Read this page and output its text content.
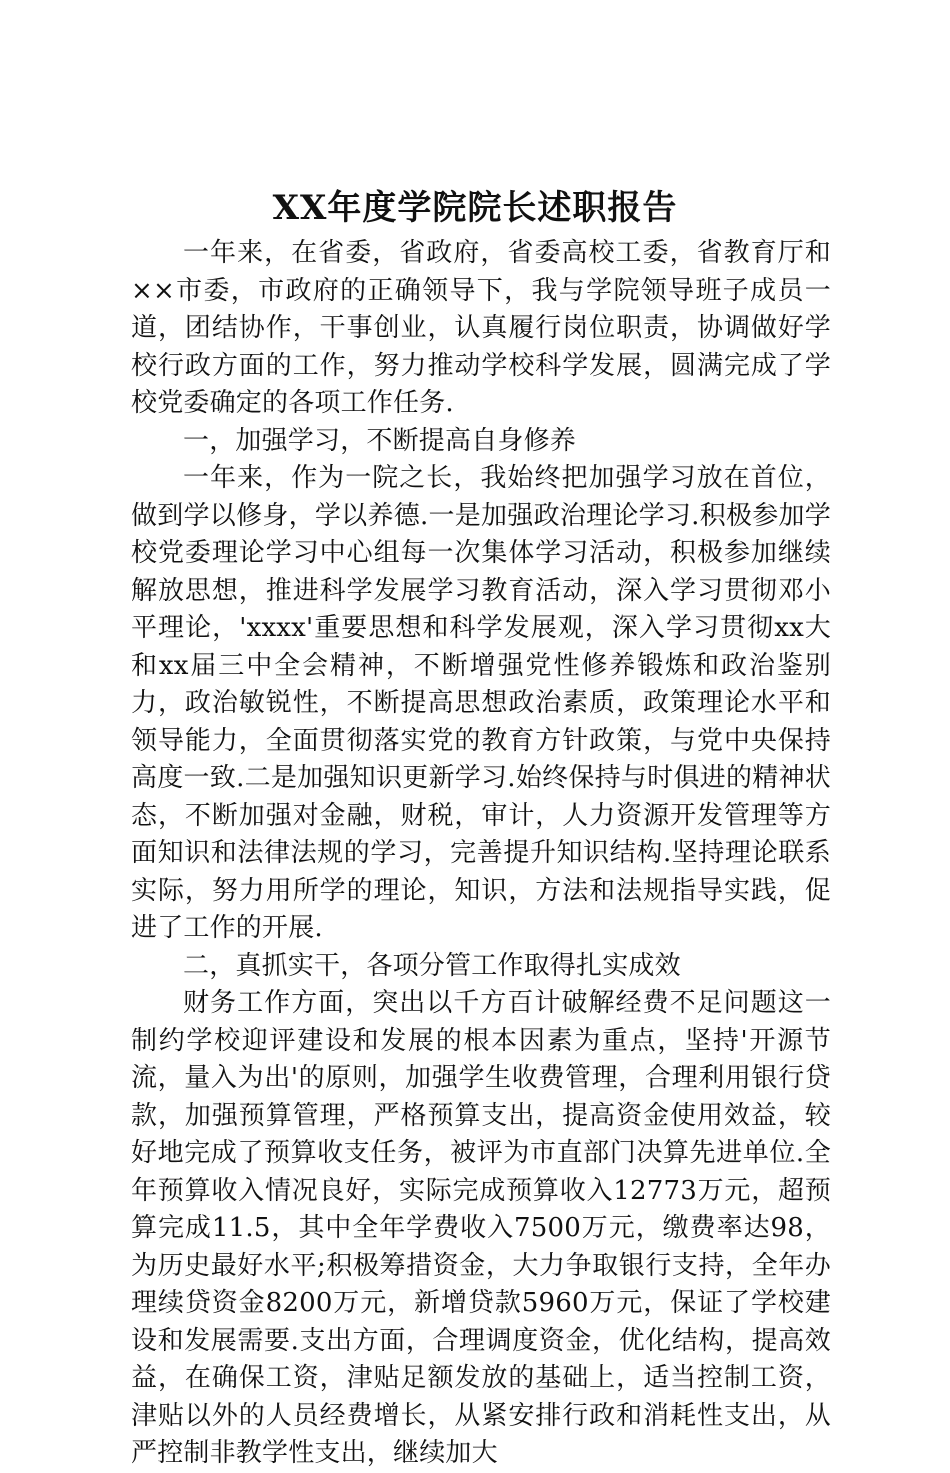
XX年度学院院长述职报告

一年来，在省委，省政府，省委高校工委，省教育厅和××市委，市政府的正确领导下，我与学院领导班子成员一道，团结协作，干事创业，认真履行岗位职责，协调做好学校行政方面的工作，努力推动学校科学发展，圆满完成了学校党委确定的各项工作任务.

一，加强学习，不断提高自身修养

一年来，作为一院之长，我始终把加强学习放在首位，做到学以修身，学以养德.一是加强政治理论学习.积极参加学校党委理论学习中心组每一次集体学习活动，积极参加继续解放思想，推进科学发展学习教育活动，深入学习贯彻邓小平理论，'xxxx'重要思想和科学发展观，深入学习贯彻xx大和xx届三中全会精神，不断增强党性修养锻炼和政治鉴别力，政治敏锐性，不断提高思想政治素质，政策理论水平和领导能力，全面贯彻落实党的教育方针政策，与党中央保持高度一致.二是加强知识更新学习.始终保持与时俱进的精神状态，不断加强对金融，财税，审计，人力资源开发管理等方面知识和法律法规的学习，完善提升知识结构.坚持理论联系实际，努力用所学的理论，知识，方法和法规指导实践，促进了工作的开展.

二，真抓实干，各项分管工作取得扎实成效

财务工作方面，突出以千方百计破解经费不足问题这一制约学校迎评建设和发展的根本因素为重点，坚持'开源节流，量入为出'的原则，加强学生收费管理，合理利用银行贷款，加强预算管理，严格预算支出，提高资金使用效益，较好地完成了预算收支任务，被评为市直部门决算先进单位.全年预算收入情况良好，实际完成预算收入12773万元，超预算完成11.5，其中全年学费收入7500万元，缴费率达98，为历史最好水平;积极筹措资金，大力争取银行支持，全年办理续贷资金8200万元，新增贷款5960万元，保证了学校建设和发展需要.支出方面，合理调度资金，优化结构，提高效益，在确保工资，津贴足额发放的基础上，适当控制工资，津贴以外的人员经费增长，从紧安排行政和消耗性支出，从严控制非教学性支出，继续加大
